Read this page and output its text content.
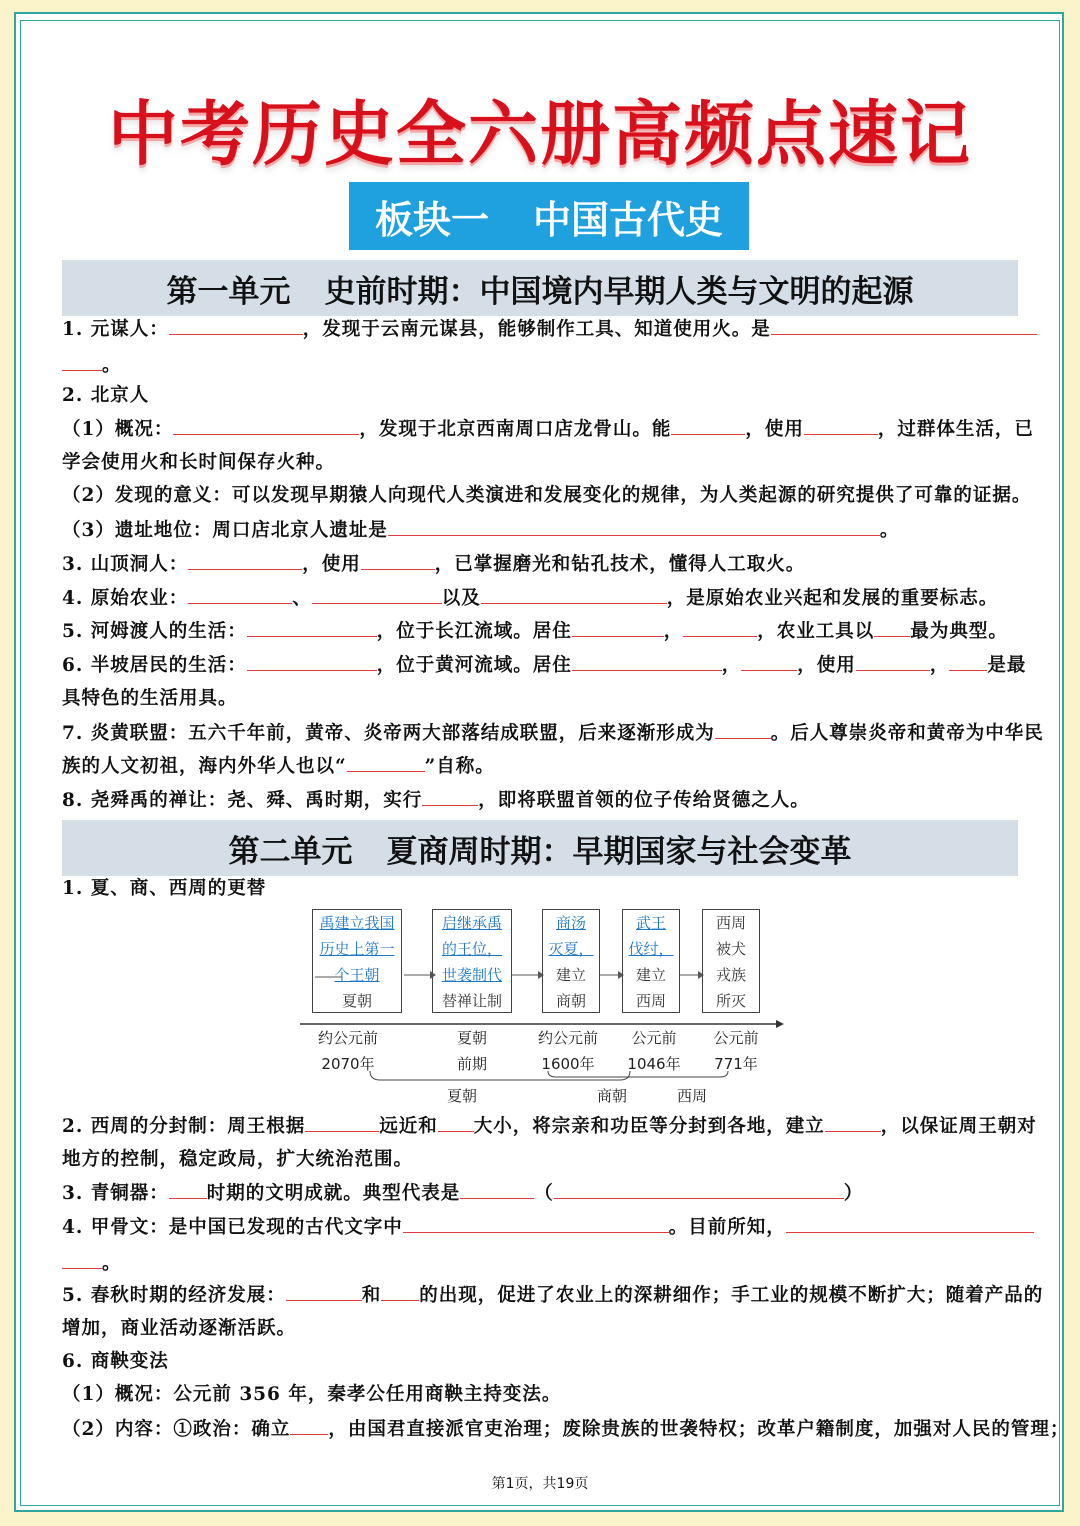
中考历史全六册高频点速记
板块一 中国古代史
第一单元 史前时期：中国境内早期人类与文明的起源
1. 元谋人：	，发现于云南元谋县，能够制作工具、知道使用火。是
。
2. 北京人
（1）概况：	，发现于北京西南周口店龙骨山。能	，使用	，过群体生活，已
学会使用火和长时间保存火种。
（2）发现的意义：可以发现早期猿人向现代人类演进和发展变化的规律，为人类起源的研究提供了可靠的证据。
（3）遗址地位：周口店北京人遗址是	。
3. 山顶洞人：	，使用	，已掌握磨光和钻孔技术，懂得人工取火。
4. 原始农业：	、	以及	，是原始农业兴起和发展的重要标志。
5. 河姆渡人的生活：	，位于长江流域。居住	，	，农业工具以 最为典型。
6. 半坡居民的生活：	，位于黄河流域。居住	，	，使用	， 是最
具特色的生活用具。
7. 炎黄联盟：五六千年前，黄帝、炎帝两大部落结成联盟，后来逐渐形成为	。后人尊崇炎帝和黄帝为中华民
族的人文初祖，海内外华人也以“	”自称。
8. 尧舜禹的禅让：尧、舜、禹时期，实行	，即将联盟首领的位子传给贤德之人。
第二单元 夏商周时期：早期国家与社会变革
1. 夏、商、西周的更替
禹建立我国
历史上第一
个王朝
夏朝
启继承禹
的王位，
世袭制代
替禅让制
商汤
灭夏，
建立
商朝
武王
伐纣，
建立
西周
西周
被犬
戎族
所灭
约公元前
2070年
夏朝
前期
约公元前
1600年
公元前
1046年
公元前
771年
夏朝	商朝	西周
2. 西周的分封制：周王根据	远近和 大小，将宗亲和功臣等分封到各地，建立	，以保证周王朝对
地方的控制，稳定政局，扩大统治范围。
3. 青铜器： 时期的文明成就。典型代表是	（	）
4. 甲骨文：是中国已发现的古代文字中	。目前所知，
。
5. 春秋时期的经济发展：	和 的出现，促进了农业上的深耕细作；手工业的规模不断扩大；随着产品的
增加，商业活动逐渐活跃。
6. 商鞅变法
（1）概况：公元前 356 年，秦孝公任用商鞅主持变法。
（2）内容：①政治：确立 ，由国君直接派官吏治理；废除贵族的世袭特权；改革户籍制度，加强对人民的管理；
第1页，共19页
